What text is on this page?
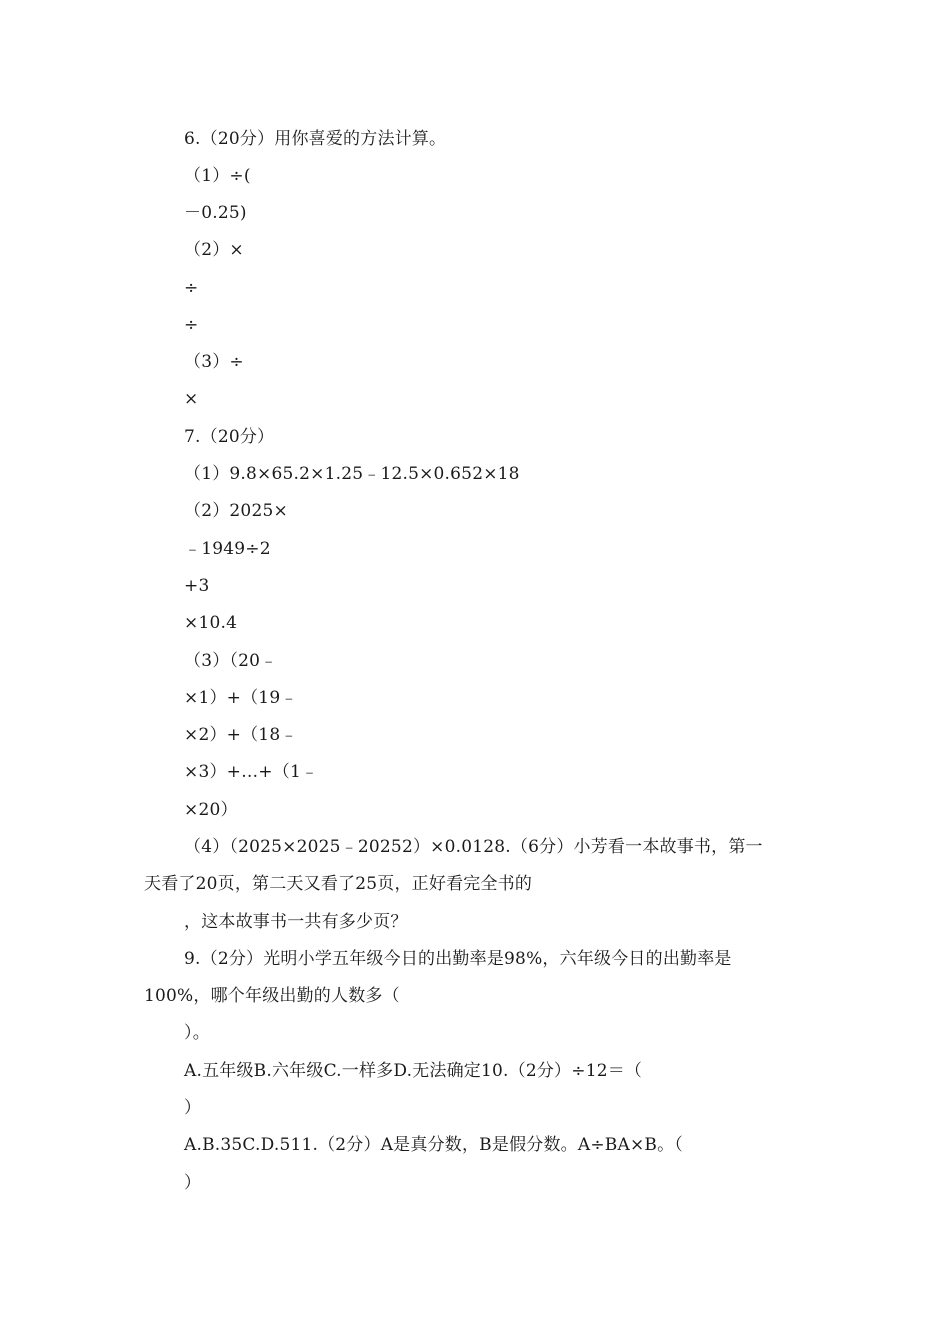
6.（20分）用你喜爱的方法计算。
（1）÷(
－0.25)
（2）×
÷
÷
（3）÷
×
7.（20分）
（1）9.8×65.2×1.25﹣12.5×0.652×18
（2）2025×
﹣1949÷2
+3
×10.4
（3）（20﹣
×1）+（19﹣
×2）+（18﹣
×3）+…+（1﹣
×20）
（4）（2025×2025﹣20252）×0.0128.（6分）小芳看一本故事书，第一
天看了20页，第二天又看了25页，正好看完全书的
，这本故事书一共有多少页？
9.（2分）光明小学五年级今日的出勤率是98%，六年级今日的出勤率是
100%，哪个年级出勤的人数多（
）。
A.五年级B.六年级C.一样多D.无法确定10.（2分）÷12＝（
）
A.B.35C.D.511.（2分）A是真分数，B是假分数。A÷BA×B。（
）
